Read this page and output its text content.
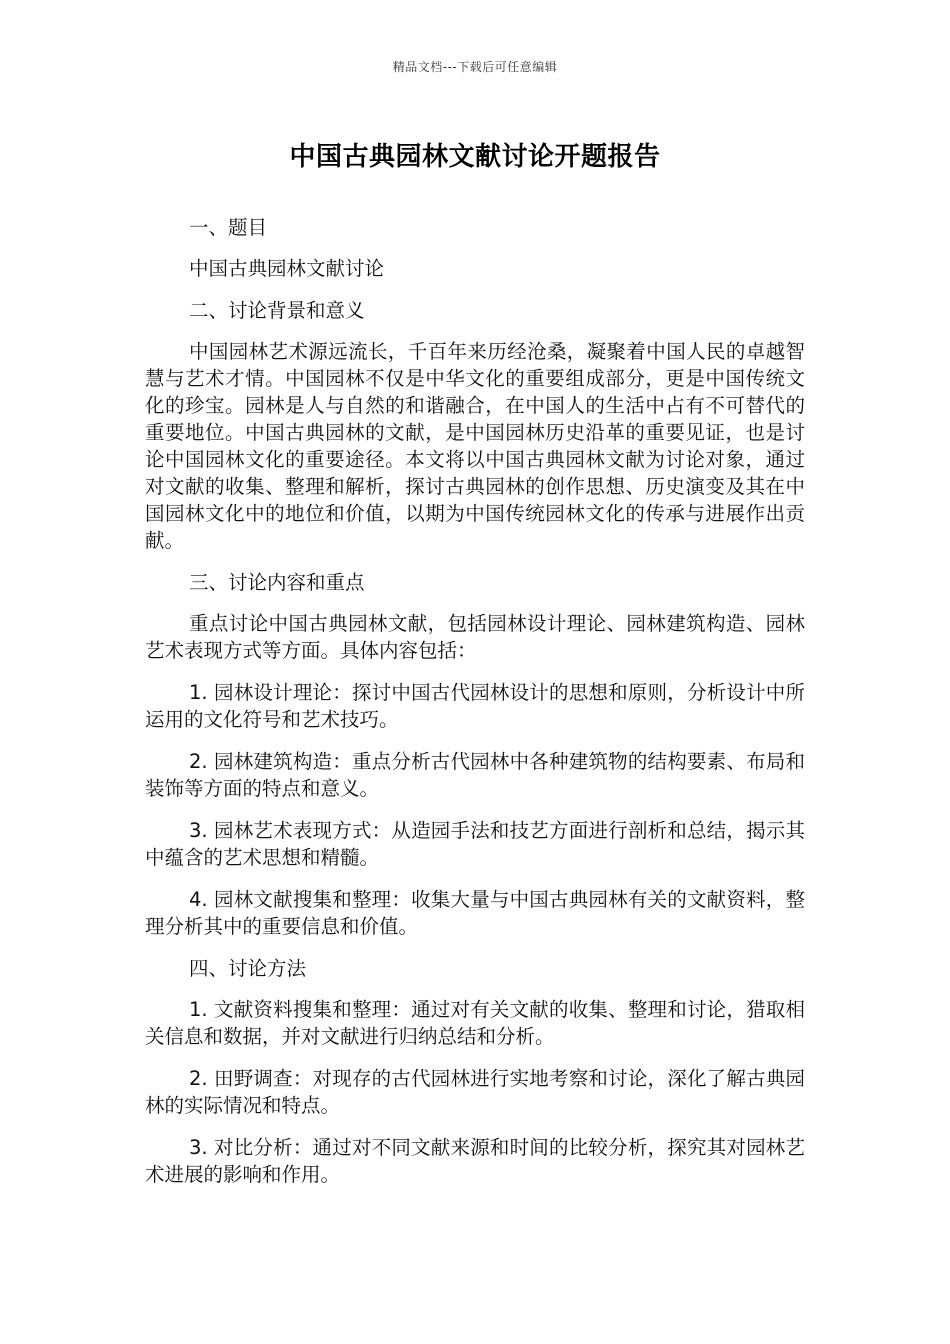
精品文档---下载后可任意编辑
中国古典园林文献讨论开题报告

一、题目

中国古典园林文献讨论

二、讨论背景和意义

中国园林艺术源远流长，千百年来历经沧桑，凝聚着中国人民的卓越智慧与艺术才情。中国园林不仅是中华文化的重要组成部分，更是中国传统文化的珍宝。园林是人与自然的和谐融合，在中国人的生活中占有不可替代的重要地位。中国古典园林的文献，是中国园林历史沿革的重要见证，也是讨论中国园林文化的重要途径。本文将以中国古典园林文献为讨论对象，通过对文献的收集、整理和解析，探讨古典园林的创作思想、历史演变及其在中国园林文化中的地位和价值，以期为中国传统园林文化的传承与进展作出贡献。

三、讨论内容和重点

重点讨论中国古典园林文献，包括园林设计理论、园林建筑构造、园林艺术表现方式等方面。具体内容包括：

1. 园林设计理论：探讨中国古代园林设计的思想和原则，分析设计中所运用的文化符号和艺术技巧。

2. 园林建筑构造：重点分析古代园林中各种建筑物的结构要素、布局和装饰等方面的特点和意义。

3. 园林艺术表现方式：从造园手法和技艺方面进行剖析和总结，揭示其中蕴含的艺术思想和精髓。

4. 园林文献搜集和整理：收集大量与中国古典园林有关的文献资料，整理分析其中的重要信息和价值。

四、讨论方法

1. 文献资料搜集和整理：通过对有关文献的收集、整理和讨论，猎取相关信息和数据，并对文献进行归纳总结和分析。

2. 田野调查：对现存的古代园林进行实地考察和讨论，深化了解古典园林的实际情况和特点。

3. 对比分析：通过对不同文献来源和时间的比较分析，探究其对园林艺术进展的影响和作用。
